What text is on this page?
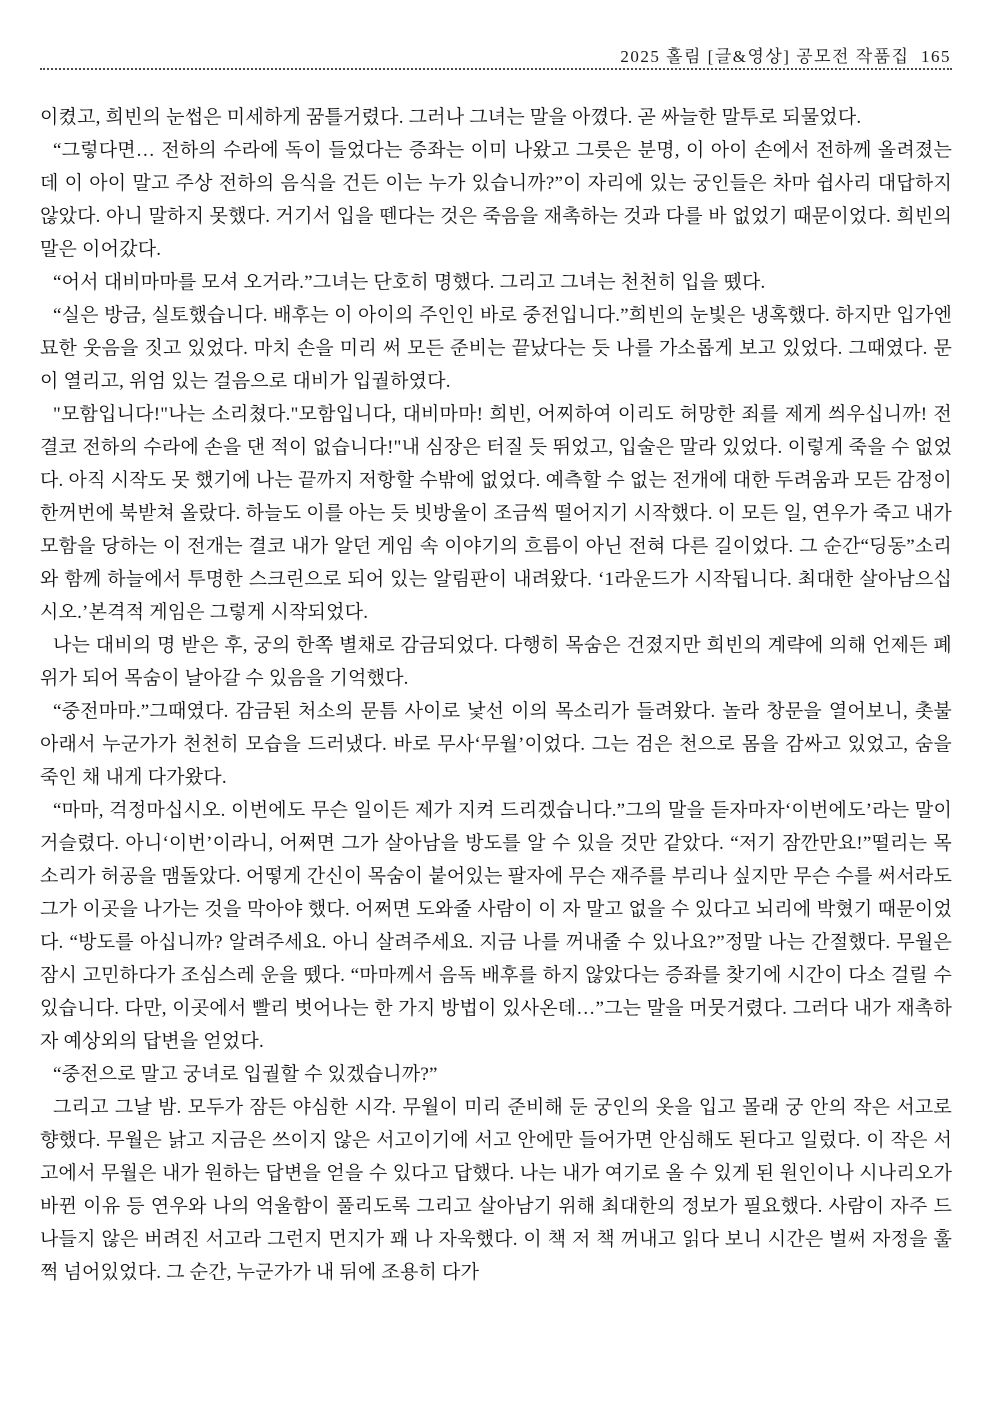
2025 홀림 [글&영상] 공모전 작품집  165

이켰고, 희빈의 눈썹은 미세하게 꿈틀거렸다. 그러나 그녀는 말을 아꼈다. 곧 싸늘한 말투로 되물었다.

“그렇다면… 전하의 수라에 독이 들었다는 증좌는 이미 나왔고 그릇은 분명, 이 아이 손에서 전하께 올려졌는데 이 아이 말고 주상 전하의 음식을 건든 이는 누가 있습니까?”이 자리에 있는 궁인들은 차마 쉽사리 대답하지 않았다. 아니 말하지 못했다. 거기서 입을 뗀다는 것은 죽음을 재촉하는 것과 다를 바 없었기 때문이었다. 희빈의 말은 이어갔다.

“어서 대비마마를 모셔 오거라.”그녀는 단호히 명했다. 그리고 그녀는 천천히 입을 뗐다.

“실은 방금, 실토했습니다. 배후는 이 아이의 주인인 바로 중전입니다.”희빈의 눈빛은 냉혹했다. 하지만 입가엔 묘한 웃음을 짓고 있었다. 마치 손을 미리 써 모든 준비는 끝났다는 듯 나를 가소롭게 보고 있었다. 그때였다. 문이 열리고, 위엄 있는 걸음으로 대비가 입궐하였다.

"모함입니다!"나는 소리쳤다."모함입니다, 대비마마! 희빈, 어찌하여 이리도 허망한 죄를 제게 씌우십니까! 전 결코 전하의 수라에 손을 댄 적이 없습니다!"내 심장은 터질 듯 뛰었고, 입술은 말라 있었다. 이렇게 죽을 수 없었다. 아직 시작도 못 했기에 나는 끝까지 저항할 수밖에 없었다. 예측할 수 없는 전개에 대한 두려움과 모든 감정이 한꺼번에 북받쳐 올랐다. 하늘도 이를 아는 듯 빗방울이 조금씩 떨어지기 시작했다. 이 모든 일, 연우가 죽고 내가 모함을 당하는 이 전개는 결코 내가 알던 게임 속 이야기의 흐름이 아닌 전혀 다른 길이었다. 그 순간“딩동”소리와 함께 하늘에서 투명한 스크린으로 되어 있는 알림판이 내려왔다. ‘1라운드가 시작됩니다. 최대한 살아남으십시오.’본격적 게임은 그렇게 시작되었다.

나는 대비의 명 받은 후, 궁의 한쪽 별채로 감금되었다. 다행히 목숨은 건졌지만 희빈의 계략에 의해 언제든 폐위가 되어 목숨이 날아갈 수 있음을 기억했다.

“중전마마.”그때였다. 감금된 처소의 문틈 사이로 낯선 이의 목소리가 들려왔다. 놀라 창문을 열어보니, 촛불 아래서 누군가가 천천히 모습을 드러냈다. 바로 무사‘무월’이었다. 그는 검은 천으로 몸을 감싸고 있었고, 숨을 죽인 채 내게 다가왔다.

“마마, 걱정마십시오. 이번에도 무슨 일이든 제가 지켜 드리겠습니다.”그의 말을 듣자마자‘이번에도’라는 말이 거슬렸다. 아니‘이번’이라니, 어쩌면 그가 살아남을 방도를 알 수 있을 것만 같았다. “저기 잠깐만요!”떨리는 목소리가 허공을 맴돌았다. 어떻게 간신이 목숨이 붙어있는 팔자에 무슨 재주를 부리나 싶지만 무슨 수를 써서라도 그가 이곳을 나가는 것을 막아야 했다. 어쩌면 도와줄 사람이 이 자 말고 없을 수 있다고 뇌리에 박혔기 때문이었다. “방도를 아십니까? 알려주세요. 아니 살려주세요. 지금 나를 꺼내줄 수 있나요?”정말 나는 간절했다. 무월은 잠시 고민하다가 조심스레 운을 뗐다. “마마께서 음독 배후를 하지 않았다는 증좌를 찾기에 시간이 다소 걸릴 수 있습니다. 다만, 이곳에서 빨리 벗어나는 한 가지 방법이 있사온데…”그는 말을 머뭇거렸다. 그러다 내가 재촉하자 예상외의 답변을 얻었다.

“중전으로 말고 궁녀로 입궐할 수 있겠습니까?”

그리고 그날 밤. 모두가 잠든 야심한 시각. 무월이 미리 준비해 둔 궁인의 옷을 입고 몰래 궁 안의 작은 서고로 향했다. 무월은 낡고 지금은 쓰이지 않은 서고이기에 서고 안에만 들어가면 안심해도 된다고 일렀다. 이 작은 서고에서 무월은 내가 원하는 답변을 얻을 수 있다고 답했다. 나는 내가 여기로 올 수 있게 된 원인이나 시나리오가 바뀐 이유 등 연우와 나의 억울함이 풀리도록 그리고 살아남기 위해 최대한의 정보가 필요했다. 사람이 자주 드나들지 않은 버려진 서고라 그런지 먼지가 꽤 나 자욱했다. 이 책 저 책 꺼내고 읽다 보니 시간은 벌써 자정을 훌쩍 넘어있었다. 그 순간, 누군가가 내 뒤에 조용히 다가
